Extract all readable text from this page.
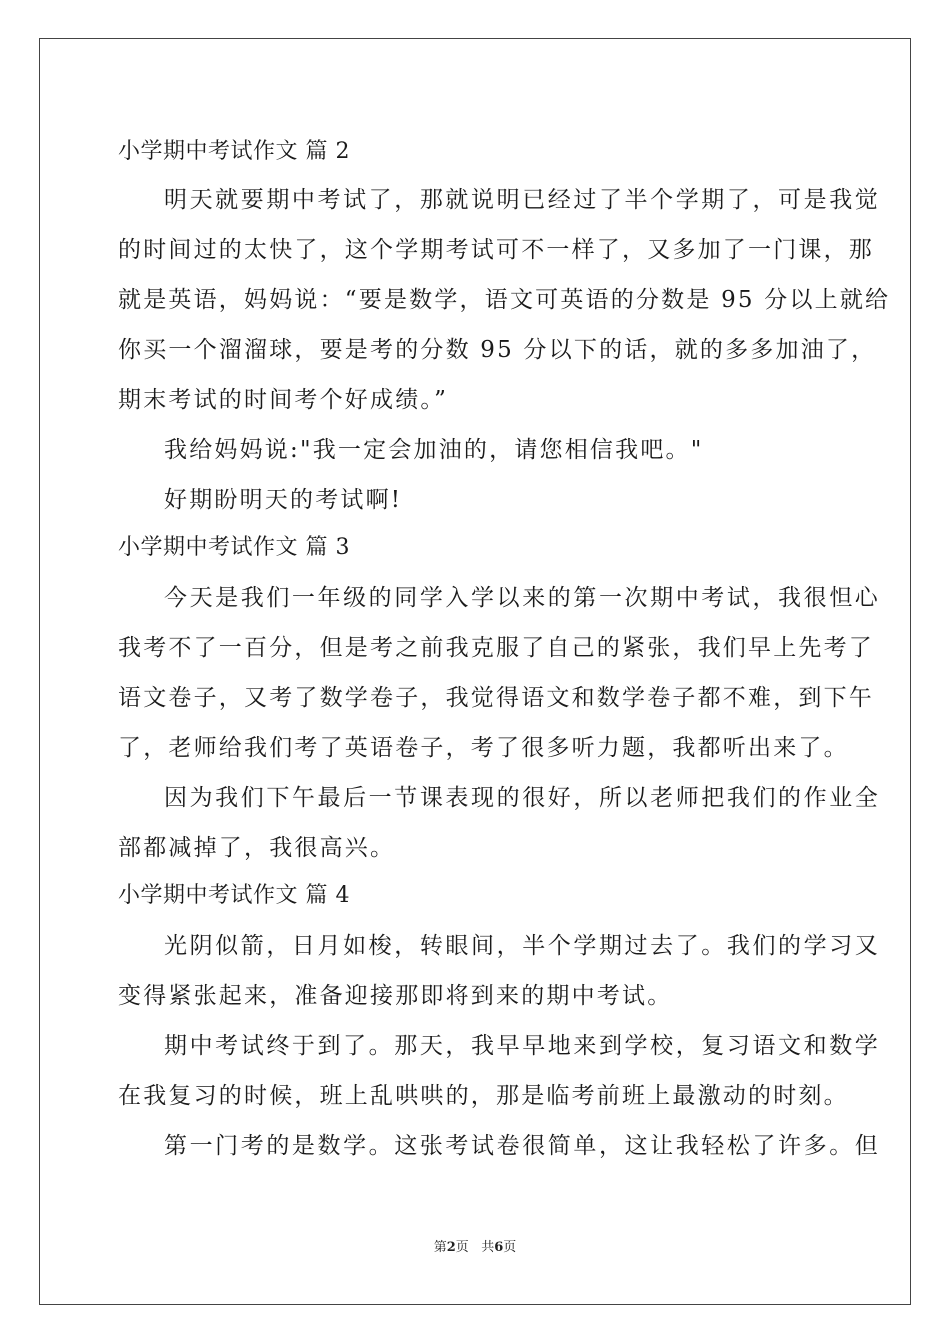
小学期中考试作文 篇 2
明天就要期中考试了，那就说明已经过了半个学期了，可是我觉
的时间过的太快了，这个学期考试可不一样了，又多加了一门课，那
就是英语，妈妈说：“要是数学，语文可英语的分数是 95 分以上就给
你买一个溜溜球，要是考的分数 95 分以下的话，就的多多加油了，
期末考试的时间考个好成绩。”
我给妈妈说:"我一定会加油的，请您相信我吧。"
好期盼明天的考试啊!
小学期中考试作文 篇 3
今天是我们一年级的同学入学以来的第一次期中考试，我很怛心
我考不了一百分，但是考之前我克服了自己的紧张，我们早上先考了
语文卷子，又考了数学卷子，我觉得语文和数学卷子都不难，到下午
了，老师给我们考了英语卷子，考了很多听力题，我都听出来了。
因为我们下午最后一节课表现的很好，所以老师把我们的作业全
部都减掉了，我很高兴。
小学期中考试作文 篇 4
光阴似箭，日月如梭，转眼间，半个学期过去了。我们的学习又
变得紧张起来，准备迎接那即将到来的期中考试。
期中考试终于到了。那天，我早早地来到学校，复习语文和数学
在我复习的时候，班上乱哄哄的，那是临考前班上最激动的时刻。
第一门考的是数学。这张考试卷很简单，这让我轻松了许多。但
第2页   共6页
